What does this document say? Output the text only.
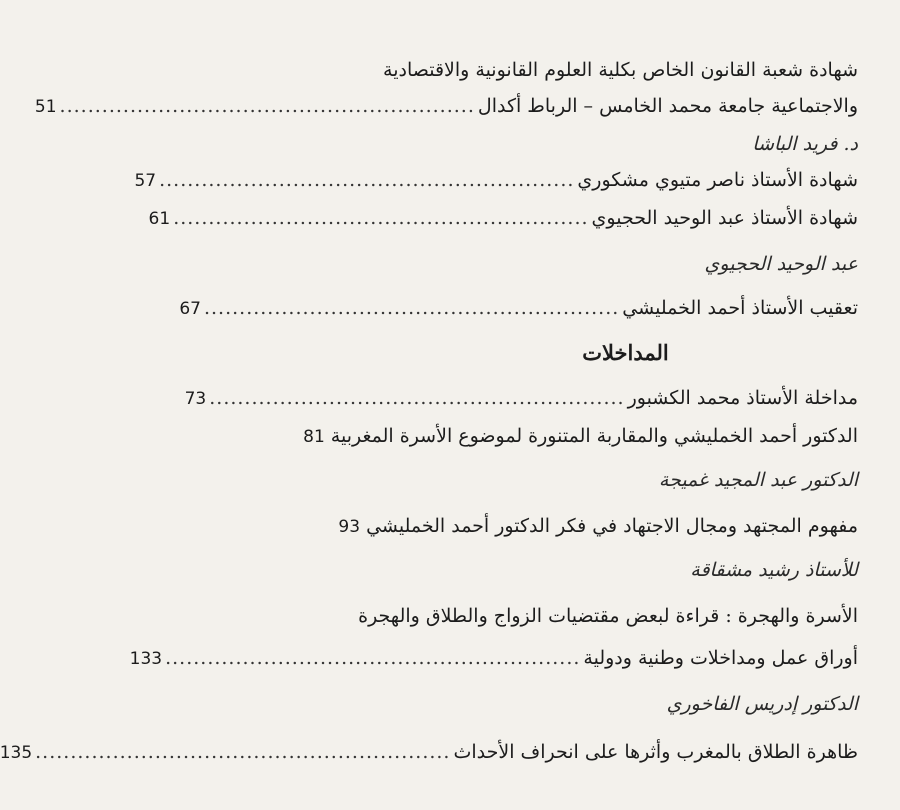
شهادة شعبة القانون الخاص بكلية العلوم القانونية والاقتصادية
والاجتماعية جامعة محمد الخامس – الرباط أكدال
...........................................................
51
د. فريد الباشا
شهادة الأستاذ ناصر متيوي مشكوري
...........................................................
57
شهادة الأستاذ عبد الوحيد الحجيوي
...........................................................
61
عبد الوحيد الحجيوي
تعقيب الأستاذ أحمد الخمليشي
...........................................................
67
المداخلات
مداخلة الأستاذ محمد الكشبور
...........................................................
73
الدكتور أحمد الخمليشي والمقاربة المتنورة لموضوع الأسرة المغربية
81
الدكتور عبد المجيد غميجة
مفهوم المجتهد ومجال الاجتهاد في فكر الدكتور أحمد الخمليشي
93
للأستاذ رشيد مشقاقة
الأسرة والهجرة : قراءة لبعض مقتضيات الزواج والطلاق والهجرة
أوراق عمل ومداخلات وطنية ودولية
...........................................................
133
الدكتور إدريس الفاخوري
ظاهرة الطلاق بالمغرب وأثرها على انحراف الأحداث
...........................................................
135
